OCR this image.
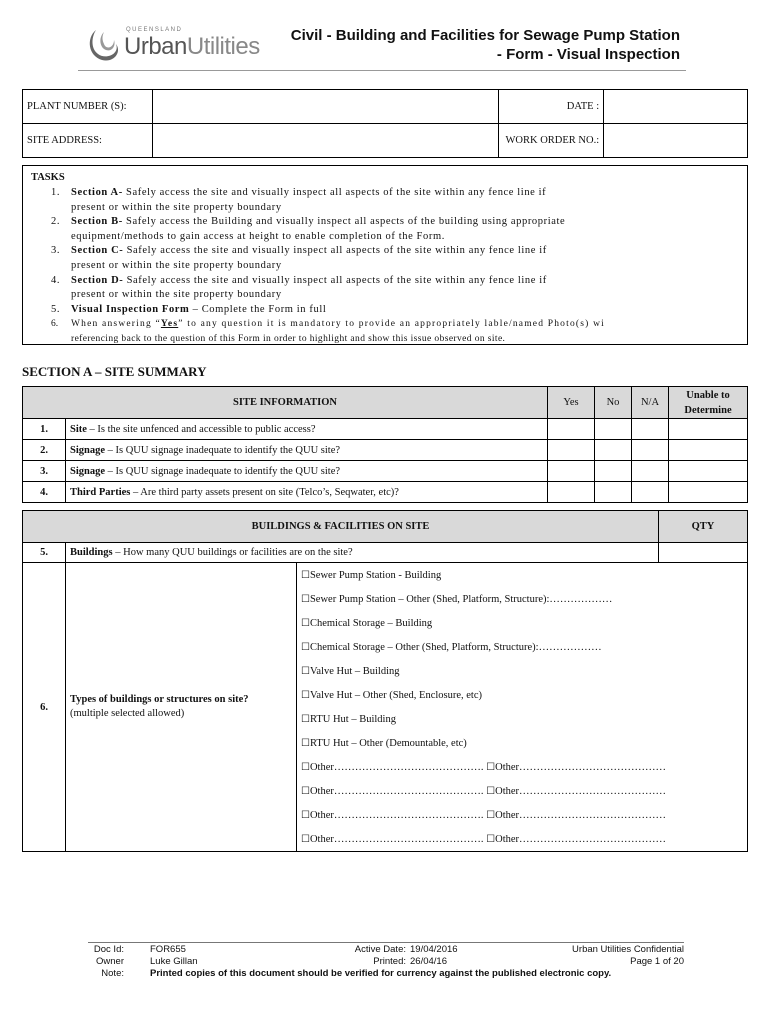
QUEENSLAND
UrbanUtilities	Civil - Building and Facilities for Sewage Pump Station
- Form - Visual Inspection
PLANT NUMBER (S):		DATE :	
SITE ADDRESS:		WORK ORDER NO.:	
TASKS
1. Section A- Safely access the site and visually inspect all aspects of the site within any fence line if
present or within the site property boundary
2. Section B- Safely access the Building and visually inspect all aspects of the building using appropriate
equipment/methods to gain access at height to enable completion of the Form.
3. Section C- Safely access the site and visually inspect all aspects of the site within any fence line if
present or within the site property boundary
4. Section D- Safely access the site and visually inspect all aspects of the site within any fence line if
present or within the site property boundary
5. Visual Inspection Form – Complete the Form in full
6. When answering “Yes” to any question it is mandatory to provide an appropriately lable/named Photo(s) wi
referencing back to the question of this Form in order to highlight and show this issue observed on site.
SECTION A – SITE SUMMARY
SITE INFORMATION		Yes	No	N/A	Unable to Determine
1.	Site – Is the site unfenced and accessible to public access?				
2.	Signage – Is QUU signage inadequate to identify the QUU site?				
3.	Signage – Is QUU signage inadequate to identify the QUU site?				
4.	Third Parties – Are third party assets present on site (Telco’s, Seqwater, etc)?				
BUILDINGS & FACILITIES ON SITE			QTY
5.	Buildings – How many QUU buildings or facilities are on the site?		
6.	Types of buildings or structures on site?
(multiple selected allowed)	☐Sewer Pump Station - Building	
		☐Sewer Pump Station – Other (Shed, Platform, Structure):………………	
		☐Chemical Storage – Building	
		☐Chemical Storage – Other (Shed, Platform, Structure):………………	
		☐Valve Hut – Building	
		☐Valve Hut – Other (Shed, Enclosure, etc)	
		☐RTU Hut – Building	
		☐RTU Hut – Other (Demountable, etc)	
		☐Other……………………………………. ☐Other……………………………………	
		☐Other……………………………………. ☐Other……………………………………	
		☐Other……………………………………. ☐Other……………………………………	
		☐Other……………………………………. ☐Other……………………………………	
Doc Id:	FOR655	Active Date: 19/04/2016	Urban Utilities Confidential
Owner	Luke Gillan	Printed: 26/04/16	Page 1 of 20
Note:	Printed copies of this document should be verified for currency against the published electronic copy.
